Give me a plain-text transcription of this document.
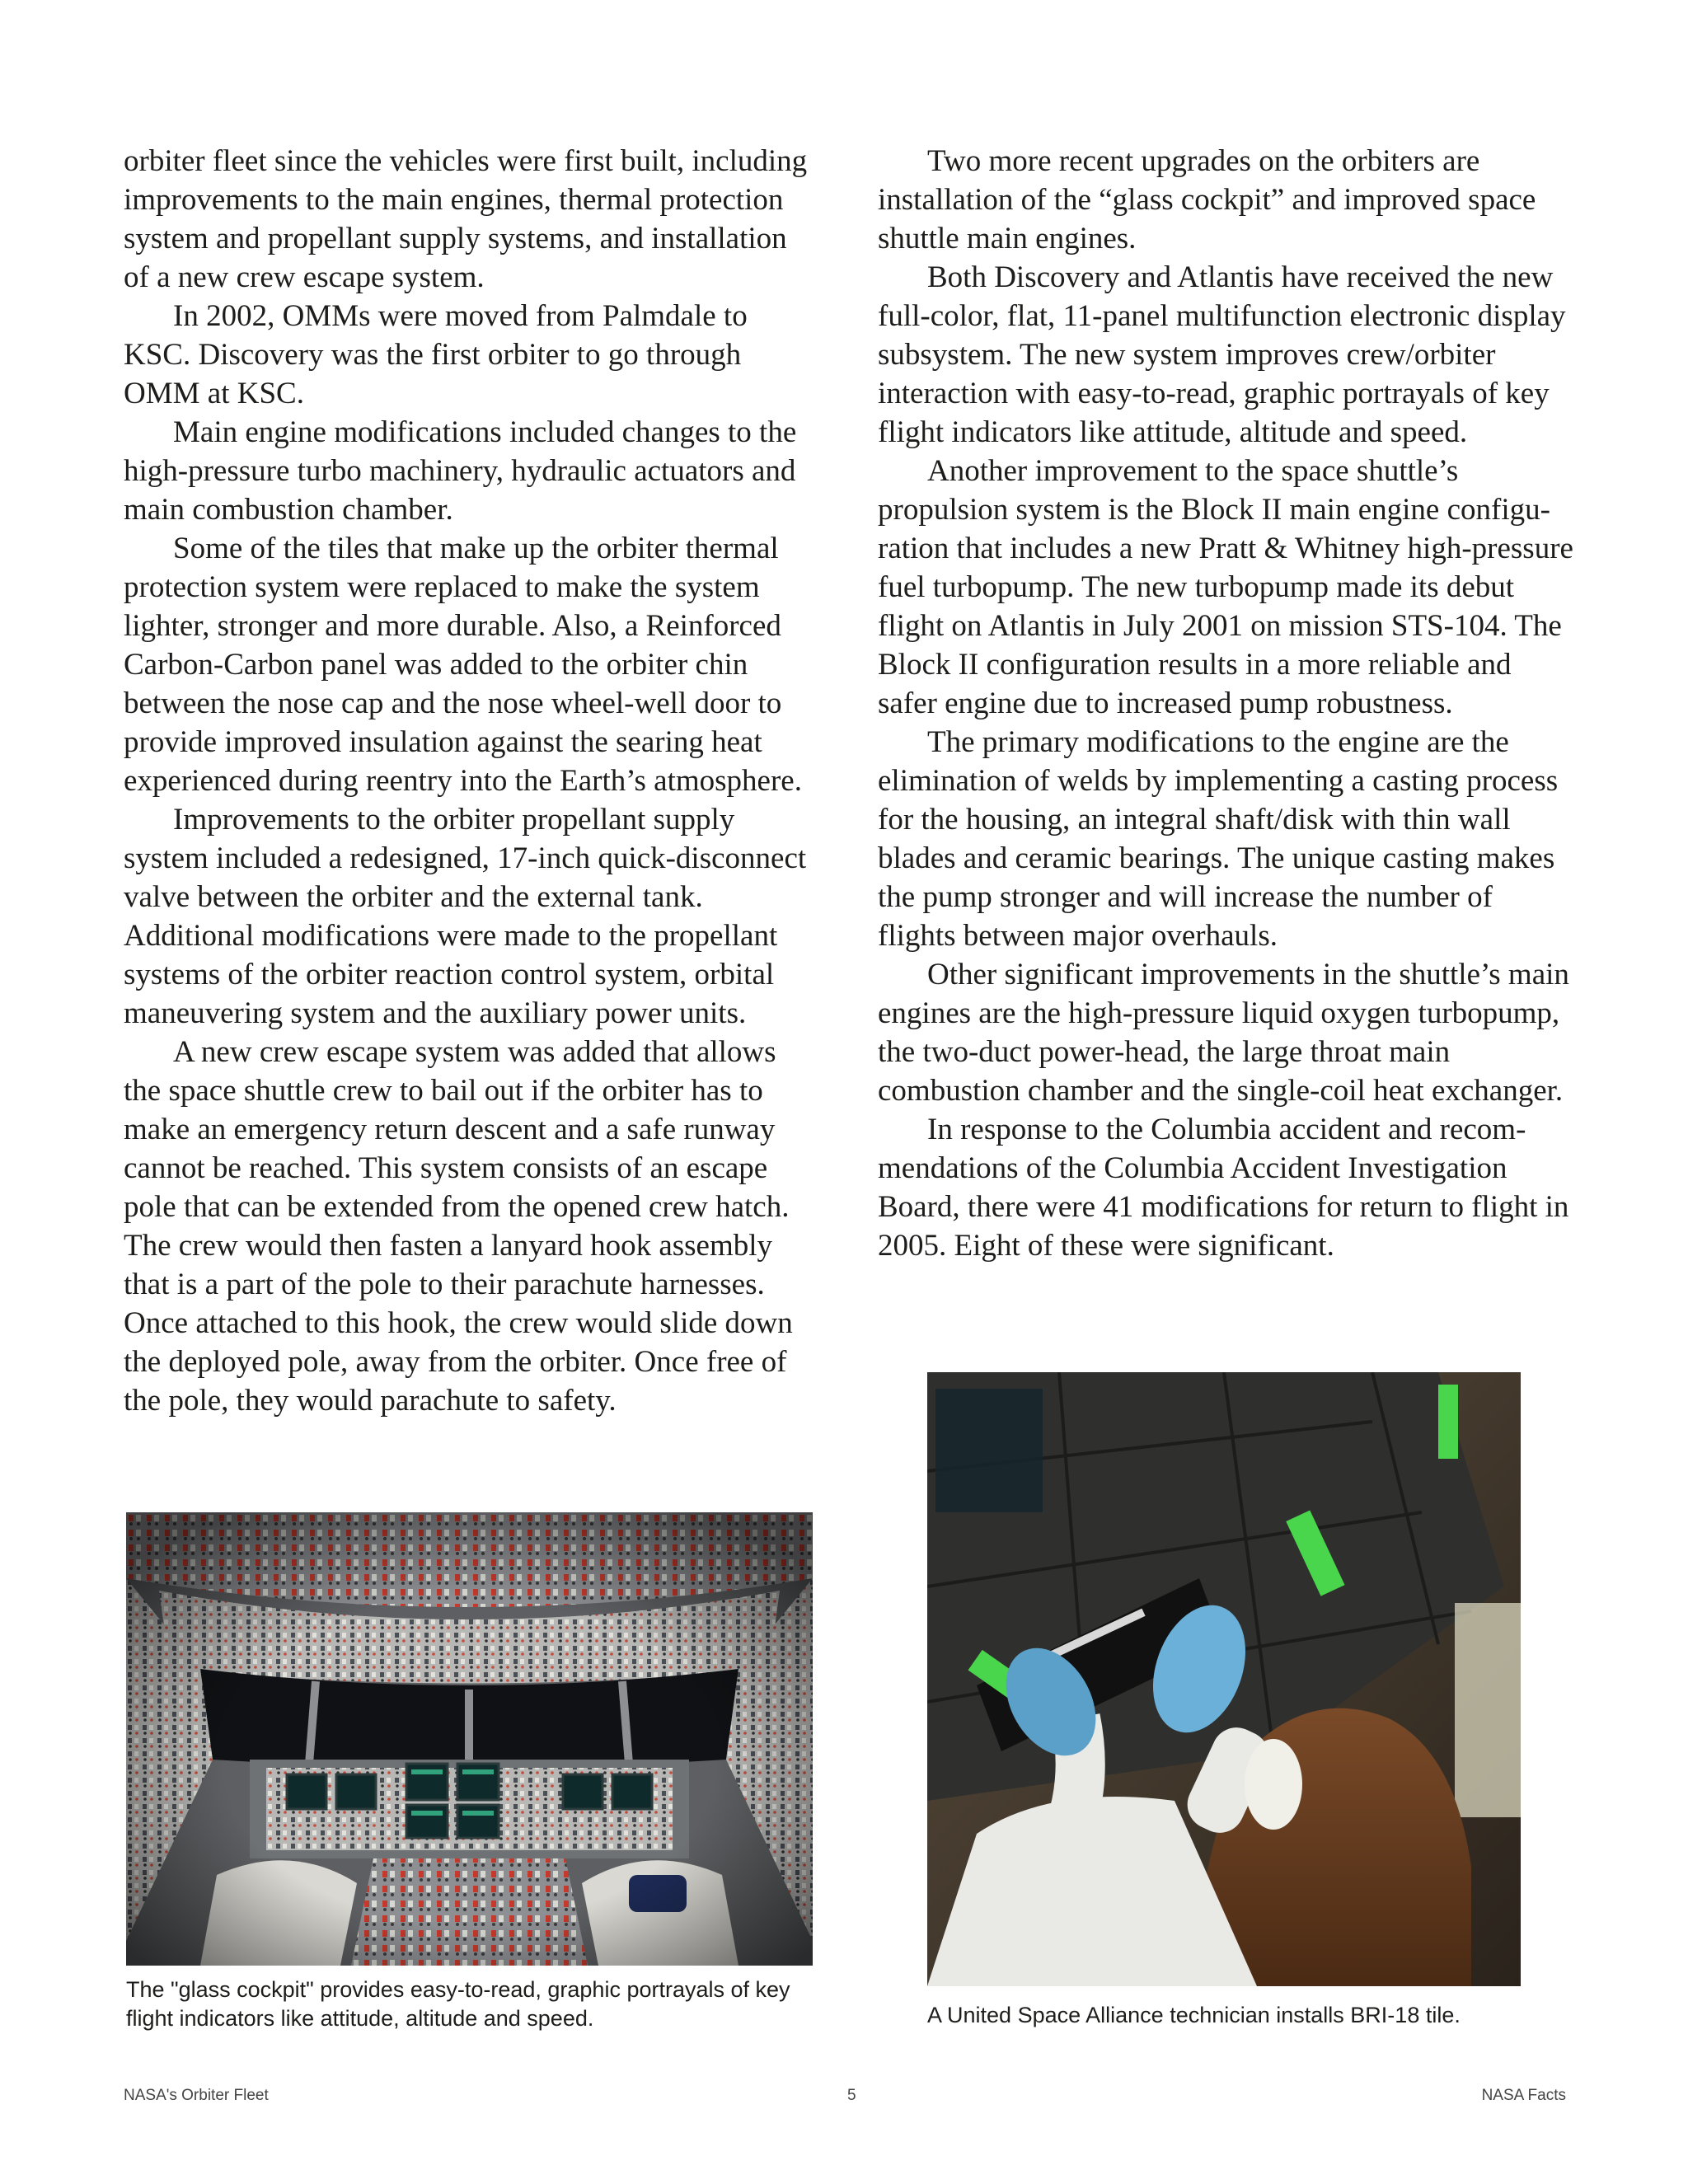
orbiter fleet since the vehicles were first built, including improvements to the main engines, thermal protection system and propellant supply systems, and installation of a new crew escape system.

In 2002, OMMs were moved from Palmdale to KSC. Discovery was the first orbiter to go through OMM at KSC.

Main engine modifications included changes to the high-pressure turbo machinery, hydraulic actuators and main combustion chamber.

Some of the tiles that make up the orbiter thermal protection system were replaced to make the system lighter, stronger and more durable. Also, a Reinforced Carbon-Carbon panel was added to the orbiter chin between the nose cap and the nose wheel-well door to provide improved insulation against the searing heat experienced during reentry into the Earth’s atmosphere.

Improvements to the orbiter propellant supply system included a redesigned, 17-inch quick-disconnect valve between the orbiter and the external tank. Additional modifications were made to the propellant systems of the orbiter reaction control system, orbital maneuvering system and the auxiliary power units.

A new crew escape system was added that allows the space shuttle crew to bail out if the orbiter has to make an emergency return descent and a safe runway cannot be reached. This system consists of an escape pole that can be extended from the opened crew hatch. The crew would then fasten a lanyard hook assembly that is a part of the pole to their parachute harnesses. Once attached to this hook, the crew would slide down the deployed pole, away from the orbiter. Once free of the pole, they would parachute to safety.

Two more recent upgrades on the orbiters are installation of the “glass cockpit” and improved space shuttle main engines.

Both Discovery and Atlantis have received the new full-color, flat, 11-panel multifunction electronic display subsystem. The new system improves crew/orbiter interaction with easy-to-read, graphic portrayals of key flight indicators like attitude, altitude and speed.

Another improvement to the space shuttle’s propulsion system is the Block II main engine configuration that includes a new Pratt & Whitney high-pressure fuel turbopump. The new turbopump made its debut flight on Atlantis in July 2001 on mission STS-104. The Block II configuration results in a more reliable and safer engine due to increased pump robustness.

The primary modifications to the engine are the elimination of welds by implementing a casting process for the housing, an integral shaft/disk with thin wall blades and ceramic bearings. The unique casting makes the pump stronger and will increase the number of flights between major overhauls.

Other significant improvements in the shuttle’s main engines are the high-pressure liquid oxygen turbopump, the two-duct power-head, the large throat main combustion chamber and the single-coil heat exchanger.

In response to the Columbia accident and recommendations of the Columbia Accident Investigation Board, there were 41 modifications for return to flight in 2005. Eight of these were significant.

The "glass cockpit" provides easy-to-read, graphic portrayals of key flight indicators like attitude, altitude and speed.	A United Space Alliance technician installs BRI-18 tile.
NASA's Orbiter Fleet	5	NASA Facts
